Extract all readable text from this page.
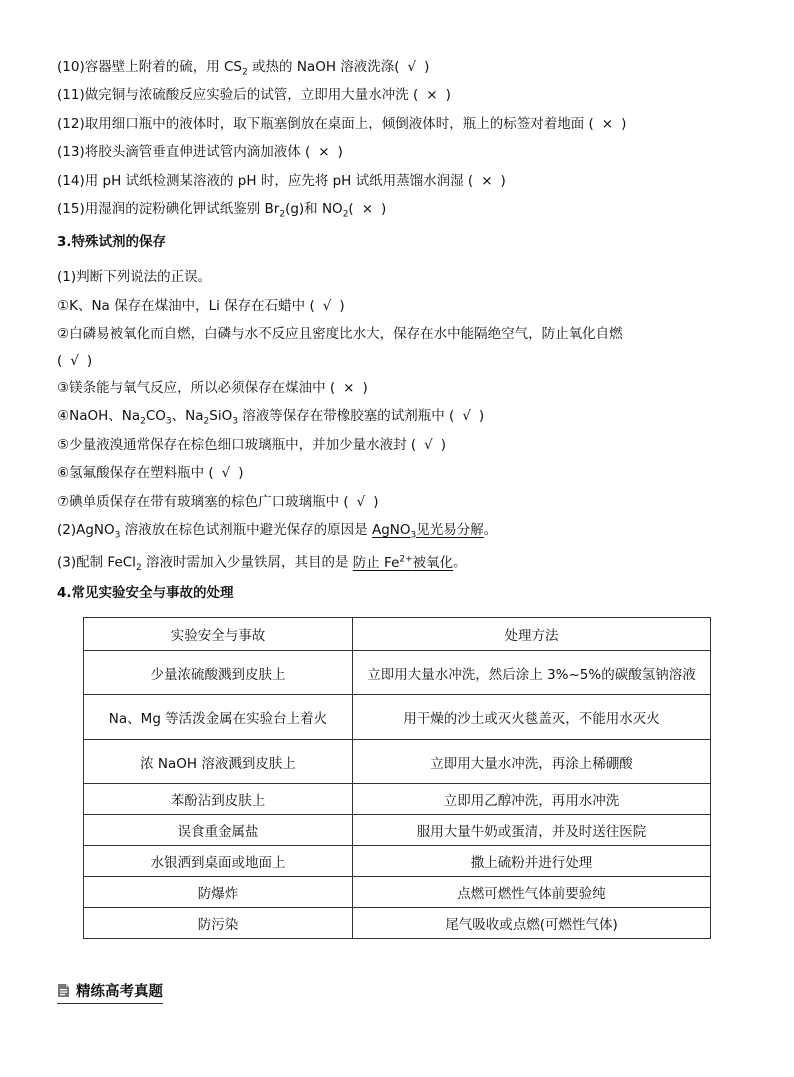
(10)容器壁上附着的硫，用 $CS_2$ 或热的 NaOH 溶液洗涤( √ )
(11)做完铜与浓硫酸反应实验后的试管，立即用大量水冲洗 ( × )
(12)取用细口瓶中的液体时，取下瓶塞倒放在桌面上，倾倒液体时，瓶上的标签对着地面 ( × )
(13)将胶头滴管垂直伸进试管内滴加液体 ( × )
(14)用 pH 试纸检测某溶液的 pH 时，应先将 pH 试纸用蒸馏水润湿 ( × )
(15)用湿润的淀粉碘化钾试纸鉴别 $Br_2(g)$和 $NO_2$( × )
3.特殊试剂的保存
(1)判断下列说法的正误。
①K、Na 保存在煤油中，Li 保存在石蜡中 ( √ )
②白磷易被氧化而自燃，白磷与水不反应且密度比水大，保存在水中能隔绝空气，防止氧化自燃
( √ )
③镁条能与氧气反应，所以必须保存在煤油中 ( × )
④NaOH、$Na_2CO_3$、$Na_2SiO_3$ 溶液等保存在带橡胶塞的试剂瓶中 ( √ )
⑤少量液溴通常保存在棕色细口玻璃瓶中，并加少量水液封 ( √ )
⑥氢氟酸保存在塑料瓶中 ( √ )
⑦碘单质保存在带有玻璃塞的棕色广口玻璃瓶中 ( √ )
(2)AgNO$_3$ 溶液放在棕色试剂瓶中避光保存的原因是 AgNO$_3$见光易分解。
(3)配制 FeCl$_2$ 溶液时需加入少量铁屑，其目的是 防止 $Fe^{2+}$被氧化。
4.常见实验安全与事故的处理
实验安全与事故	处理方法
少量浓硫酸溅到皮肤上	立即用大量水冲洗，然后涂上 3%~5%的碳酸氢钠溶液
Na、Mg 等活泼金属在实验台上着火	用干燥的沙土或灭火毯盖灭，不能用水灭火
浓 NaOH 溶液溅到皮肤上	立即用大量水冲洗，再涂上稀硼酸
苯酚沾到皮肤上	立即用乙醇冲洗，再用水冲洗
误食重金属盐	服用大量牛奶或蛋清，并及时送往医院
水银洒到桌面或地面上	撒上硫粉并进行处理
防爆炸	点燃可燃性气体前要验纯
防污染	尾气吸收或点燃(可燃性气体)
精练高考真题
